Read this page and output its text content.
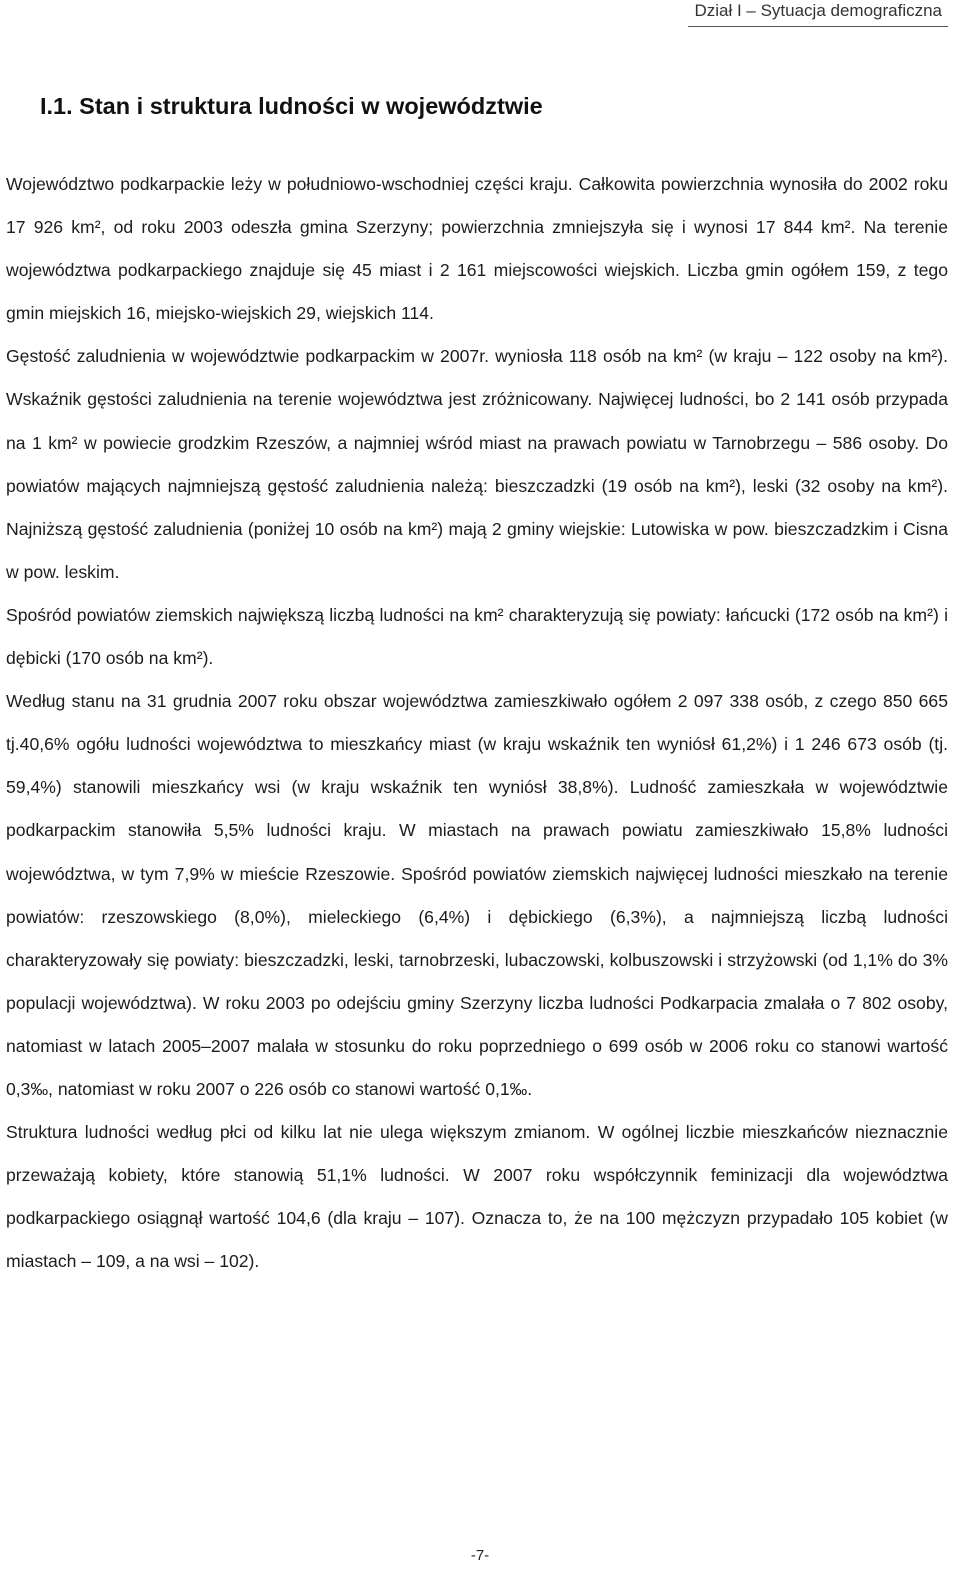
Dział I – Sytuacja demograficzna
I.1. Stan i struktura ludności w województwie

Województwo podkarpackie leży w południowo-wschodniej części kraju. Całkowita powierzchnia wynosiła do 2002 roku 17 926 km², od roku 2003 odeszła gmina Szerzyny; powierzchnia zmniejszyła się i wynosi 17 844 km². Na terenie województwa podkarpackiego znajduje się 45 miast i 2 161 miejscowości wiejskich. Liczba gmin ogółem 159, z tego gmin miejskich 16, miejsko-wiejskich 29, wiejskich 114.

Gęstość zaludnienia w województwie podkarpackim w 2007r. wyniosła 118 osób na km² (w kraju – 122 osoby na km²). Wskaźnik gęstości zaludnienia na terenie województwa jest zróżnicowany. Najwięcej ludności, bo 2 141 osób przypada na 1 km² w powiecie grodzkim Rzeszów, a najmniej wśród miast na prawach powiatu w Tarnobrzegu – 586 osoby. Do powiatów mających najmniejszą gęstość zaludnienia należą: bieszczadzki (19 osób na km²), leski (32 osoby na km²). Najniższą gęstość zaludnienia (poniżej 10 osób na km²) mają 2 gminy wiejskie: Lutowiska w pow. bieszczadzkim i Cisna w pow. leskim.

Spośród powiatów ziemskich największą liczbą ludności na km² charakteryzują się powiaty: łańcucki (172 osób na km²) i dębicki (170 osób na km²).

Według stanu na 31 grudnia 2007 roku obszar województwa zamieszkiwało ogółem 2 097 338 osób, z czego 850 665 tj.40,6% ogółu ludności województwa to mieszkańcy miast (w kraju wskaźnik ten wyniósł 61,2%) i 1 246 673 osób (tj. 59,4%) stanowili mieszkańcy wsi (w kraju wskaźnik ten wyniósł 38,8%). Ludność zamieszkała w województwie podkarpackim stanowiła 5,5% ludności kraju. W miastach na prawach powiatu zamieszkiwało 15,8% ludności województwa, w tym 7,9% w mieście Rzeszowie. Spośród powiatów ziemskich najwięcej ludności mieszkało na terenie powiatów: rzeszowskiego (8,0%), mieleckiego (6,4%) i dębickiego (6,3%), a najmniejszą liczbą ludności charakteryzowały się powiaty: bieszczadzki, leski, tarnobrzeski, lubaczowski, kolbuszowski i strzyżowski (od 1,1% do 3% populacji województwa). W roku 2003 po odejściu gminy Szerzyny liczba ludności Podkarpacia zmalała o 7 802 osoby, natomiast w latach 2005–2007 malała w stosunku do roku poprzedniego o 699 osób w 2006 roku co stanowi wartość 0,3‰, natomiast w roku 2007 o 226 osób co stanowi wartość 0,1‰.

Struktura ludności według płci od kilku lat nie ulega większym zmianom. W ogólnej liczbie mieszkańców nieznacznie przeważają kobiety, które stanowią 51,1% ludności. W 2007 roku współczynnik feminizacji dla województwa podkarpackiego osiągnął wartość 104,6 (dla kraju – 107). Oznacza to, że na 100 mężczyzn przypadało 105 kobiet (w miastach – 109, a na wsi – 102).

-7-
